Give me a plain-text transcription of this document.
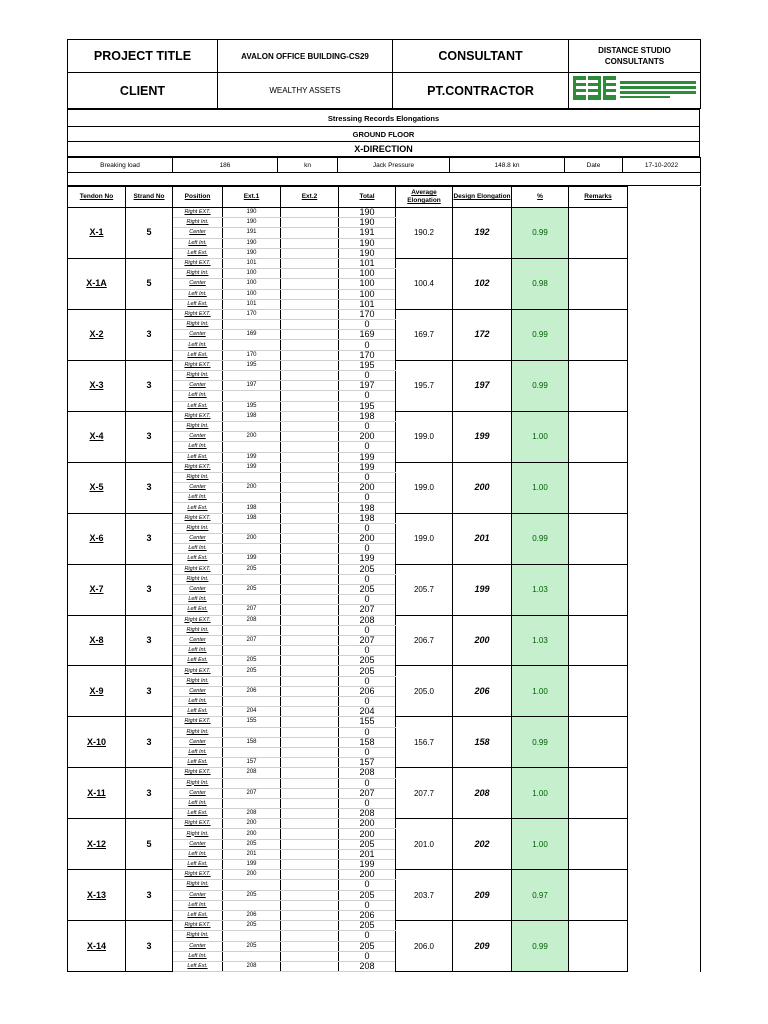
PROJECT TITLE	AVALON OFFICE BUILDING-CS29	CONSULTANT	DISTANCE STUDIO CONSULTANTS
CLIENT	WEALTHY ASSETS	PT.CONTRACTOR	
Stressing Records Elongations
GROUND FLOOR
X-DIRECTION
Breaking load	186	kn	Jack Pressure	148.8 kn	Date	17-10-2022

Tendon No	Strand No	Position	Ext.1	Ext.2	Total	Average Elongation	Design Elongation	%	Remarks	
X-1	5	Right EXT.	190		190	190.2	192	0.99		
		Right Int.	190		190					
		Center	191		191					
		Left Int.	190		190					
		Left Ext.	190		190					
X-1A	5	Right EXT.	101		101	100.4	102	0.98		
		Right Int.	100		100					
		Center	100		100					
		Left Int.	100		100					
		Left Ext.	101		101					
X-2	3	Right EXT.	170		170	169.7	172	0.99		
		Right Int.			0					
		Center	169		169					
		Left Int.			0					
		Left Ext.	170		170					
X-3	3	Right EXT.	195		195	195.7	197	0.99		
		Right Int.			0					
		Center	197		197					
		Left Int.			0					
		Left Ext.	195		195					
X-4	3	Right EXT.	198		198	199.0	199	1.00		
		Right Int.			0					
		Center	200		200					
		Left Int.			0					
		Left Ext.	199		199					
X-5	3	Right EXT.	199		199	199.0	200	1.00		
		Right Int.			0					
		Center	200		200					
		Left Int.			0					
		Left Ext.	198		198					
X-6	3	Right EXT.	198		198	199.0	201	0.99		
		Right Int.			0					
		Center	200		200					
		Left Int.			0					
		Left Ext.	199		199					
X-7	3	Right EXT.	205		205	205.7	199	1.03		
		Right Int.			0					
		Center	205		205					
		Left Int.			0					
		Left Ext.	207		207					
X-8	3	Right EXT.	208		208	206.7	200	1.03		
		Right Int.			0					
		Center	207		207					
		Left Int.			0					
		Left Ext.	205		205					
X-9	3	Right EXT.	205		205	205.0	206	1.00		
		Right Int.			0					
		Center	206		206					
		Left Int.			0					
		Left Ext.	204		204					
X-10	3	Right EXT.	155		155	156.7	158	0.99		
		Right Int.			0					
		Center	158		158					
		Left Int.			0					
		Left Ext.	157		157					
X-11	3	Right EXT.	208		208	207.7	208	1.00		
		Right Int.			0					
		Center	207		207					
		Left Int.			0					
		Left Ext.	208		208					
X-12	5	Right EXT.	200		200	201.0	202	1.00		
		Right Int.	200		200					
		Center	205		205					
		Left Int.	201		201					
		Left Ext.	199		199					
X-13	3	Right EXT.	200		200	203.7	209	0.97		
		Right Int.			0					
		Center	205		205					
		Left Int.			0					
		Left Ext.	206		206					
X-14	3	Right EXT.	205		205	206.0	209	0.99		
		Right Int.			0					
		Center	205		205					
		Left Int.			0					
		Left Ext.	208		208					
